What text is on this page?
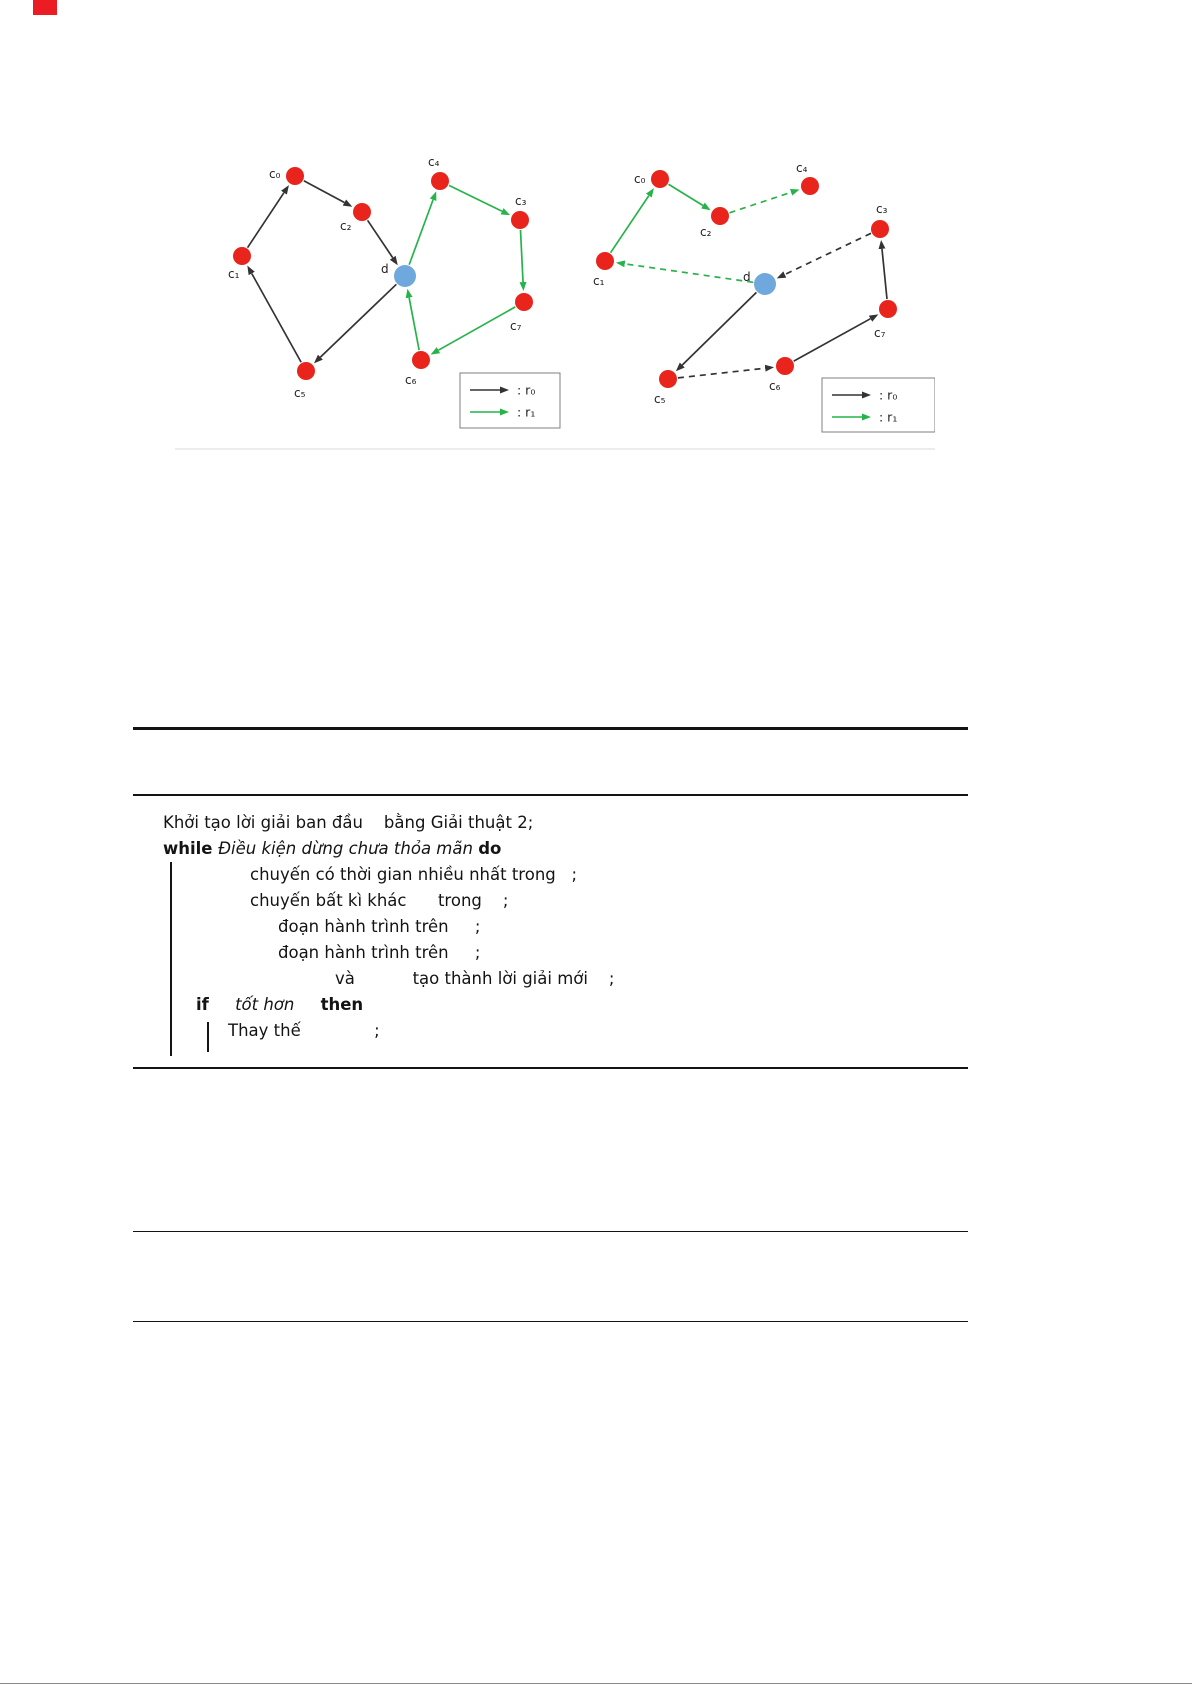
c₀
c₂
c₄
c₃
c₁	d
c₇
c₆
c₅	: r₀
: r₁
c₀
c₂
c₄
c₃
c₁	d
c₇
c₆
c₅	: r₀
: r₁
Khởi tạo lời giải ban đầu    bằng Giải thuật 2;
while Điều kiện dừng chưa thỏa mãn do
chuyến có thời gian nhiều nhất trong   ;
chuyến bất kì khác      trong    ;
đoạn hành trình trên     ;
đoạn hành trình trên     ;
và           tạo thành lời giải mới    ;
if     tốt hơn     then
Thay thế              ;
